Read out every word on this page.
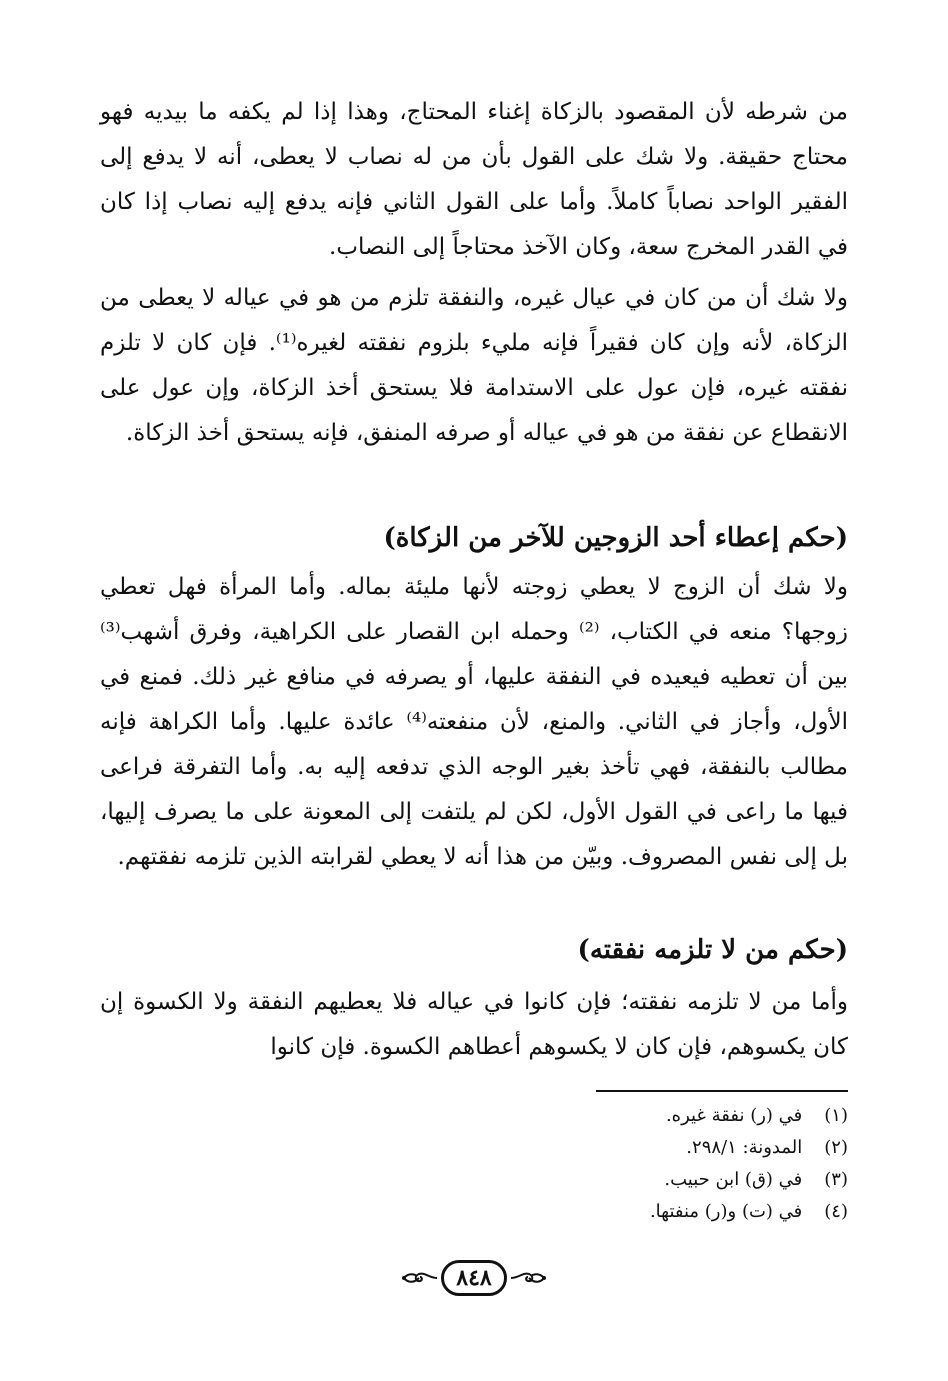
من شرطه لأن المقصود بالزكاة إغناء المحتاج، وهذا إذا لم يكفه ما بيديه فهو محتاج حقيقة. ولا شك على القول بأن من له نصاب لا يعطى، أنه لا يدفع إلى الفقير الواحد نصاباً كاملاً. وأما على القول الثاني فإنه يدفع إليه نصاب إذا كان في القدر المخرج سعة، وكان الآخذ محتاجاً إلى النصاب.

ولا شك أن من كان في عيال غيره، والنفقة تلزم من هو في عياله لا يعطى من الزكاة، لأنه وإن كان فقيراً فإنه مليء بلزوم نفقته لغيره⁽¹⁾. فإن كان لا تلزم نفقته غيره، فإن عول على الاستدامة فلا يستحق أخذ الزكاة، وإن عول على الانقطاع عن نفقة من هو في عياله أو صرفه المنفق، فإنه يستحق أخذ الزكاة.

(حكم إعطاء أحد الزوجين للآخر من الزكاة)

ولا شك أن الزوج لا يعطي زوجته لأنها مليئة بماله. وأما المرأة فهل تعطي زوجها؟ منعه في الكتاب، ⁽²⁾ وحمله ابن القصار على الكراهية، وفرق أشهب⁽³⁾ بين أن تعطيه فيعيده في النفقة عليها، أو يصرفه في منافع غير ذلك. فمنع في الأول، وأجاز في الثاني. والمنع، لأن منفعته⁽⁴⁾ عائدة عليها. وأما الكراهة فإنه مطالب بالنفقة، فهي تأخذ بغير الوجه الذي تدفعه إليه به. وأما التفرقة فراعى فيها ما راعى في القول الأول، لكن لم يلتفت إلى المعونة على ما يصرف إليها، بل إلى نفس المصروف. وبيّن من هذا أنه لا يعطي لقرابته الذين تلزمه نفقتهم.

(حكم من لا تلزمه نفقته)

وأما من لا تلزمه نفقته؛ فإن كانوا في عياله فلا يعطيهم النفقة ولا الكسوة إن كان يكسوهم، فإن كان لا يكسوهم أعطاهم الكسوة. فإن كانوا

(١) في (ر) نفقة غيره.
(٢) المدونة: ٢٩٨/١.
(٣) في (ق) ابن حبيب.
(٤) في (ت) و(ر) منفتها.
٨٤٨
